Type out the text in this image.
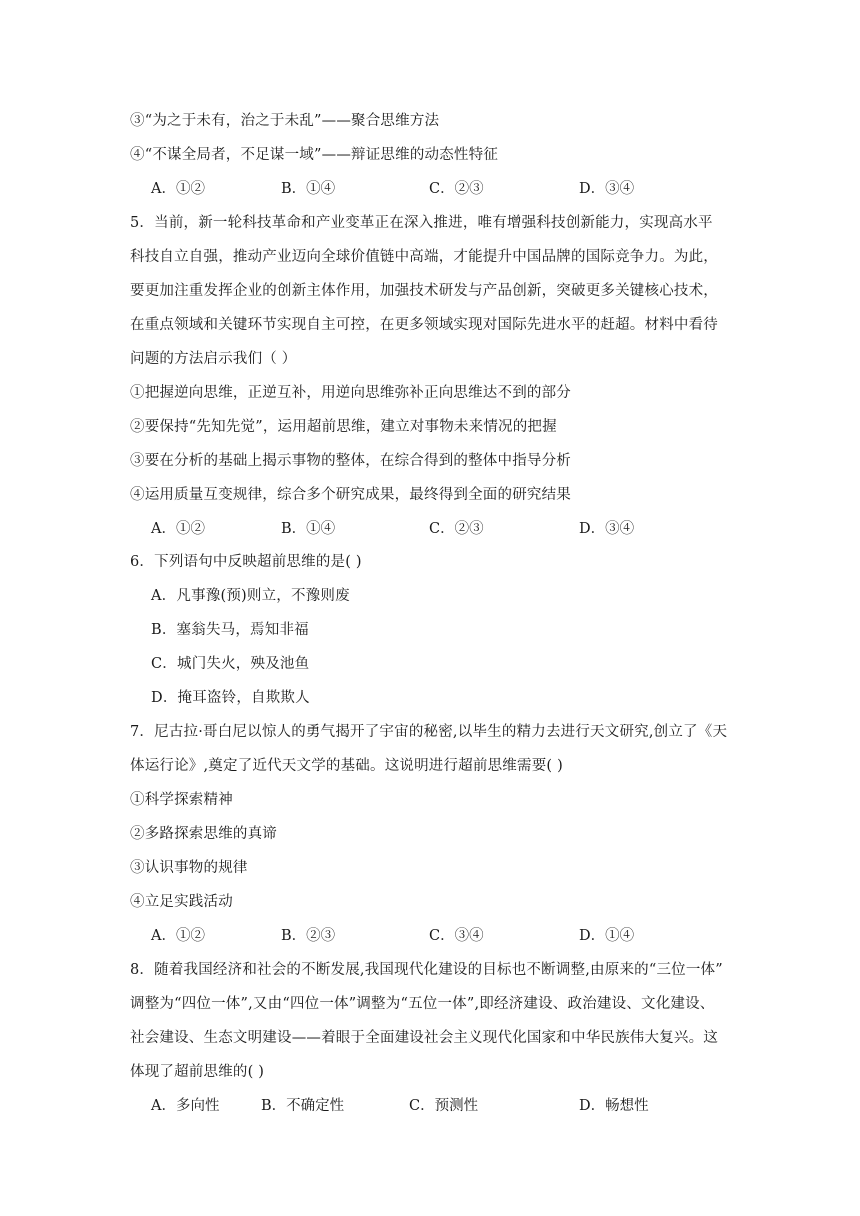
③“为之于未有，治之于未乱”——聚合思维方法
④“不谋全局者，不足谋一域”——辩证思维的动态性特征
A．①②	B．①④	C．②③	D．③④
5．当前，新一轮科技革命和产业变革正在深入推进，唯有增强科技创新能力，实现高水平
科技自立自强，推动产业迈向全球价值链中高端，才能提升中国品牌的国际竞争力。为此，
要更加注重发挥企业的创新主体作用，加强技术研发与产品创新，突破更多关键核心技术，
在重点领域和关键环节实现自主可控，在更多领域实现对国际先进水平的赶超。材料中看待
问题的方法启示我们（ ）
①把握逆向思维，正逆互补，用逆向思维弥补正向思维达不到的部分
②要保持“先知先觉”，运用超前思维，建立对事物未来情况的把握
③要在分析的基础上揭示事物的整体，在综合得到的整体中指导分析
④运用质量互变规律，综合多个研究成果，最终得到全面的研究结果
A．①②	B．①④	C．②③	D．③④
6．下列语句中反映超前思维的是( )
A．凡事豫(预)则立，不豫则废
B．塞翁失马，焉知非福
C．城门失火，殃及池鱼
D．掩耳盗铃，自欺欺人
7．尼古拉·哥白尼以惊人的勇气揭开了宇宙的秘密,以毕生的精力去进行天文研究,创立了《天
体运行论》,奠定了近代天文学的基础。这说明进行超前思维需要( )
①科学探索精神
②多路探索思维的真谛
③认识事物的规律
④立足实践活动
A．①②	B．②③	C．③④	D．①④
8．随着我国经济和社会的不断发展,我国现代化建设的目标也不断调整,由原来的“三位一体”
调整为“四位一体”,又由“四位一体”调整为“五位一体”,即经济建设、政治建设、文化建设、
社会建设、生态文明建设——着眼于全面建设社会主义现代化国家和中华民族伟大复兴。这
体现了超前思维的( )
A．多向性	B．不确定性	C．预测性	D．畅想性
